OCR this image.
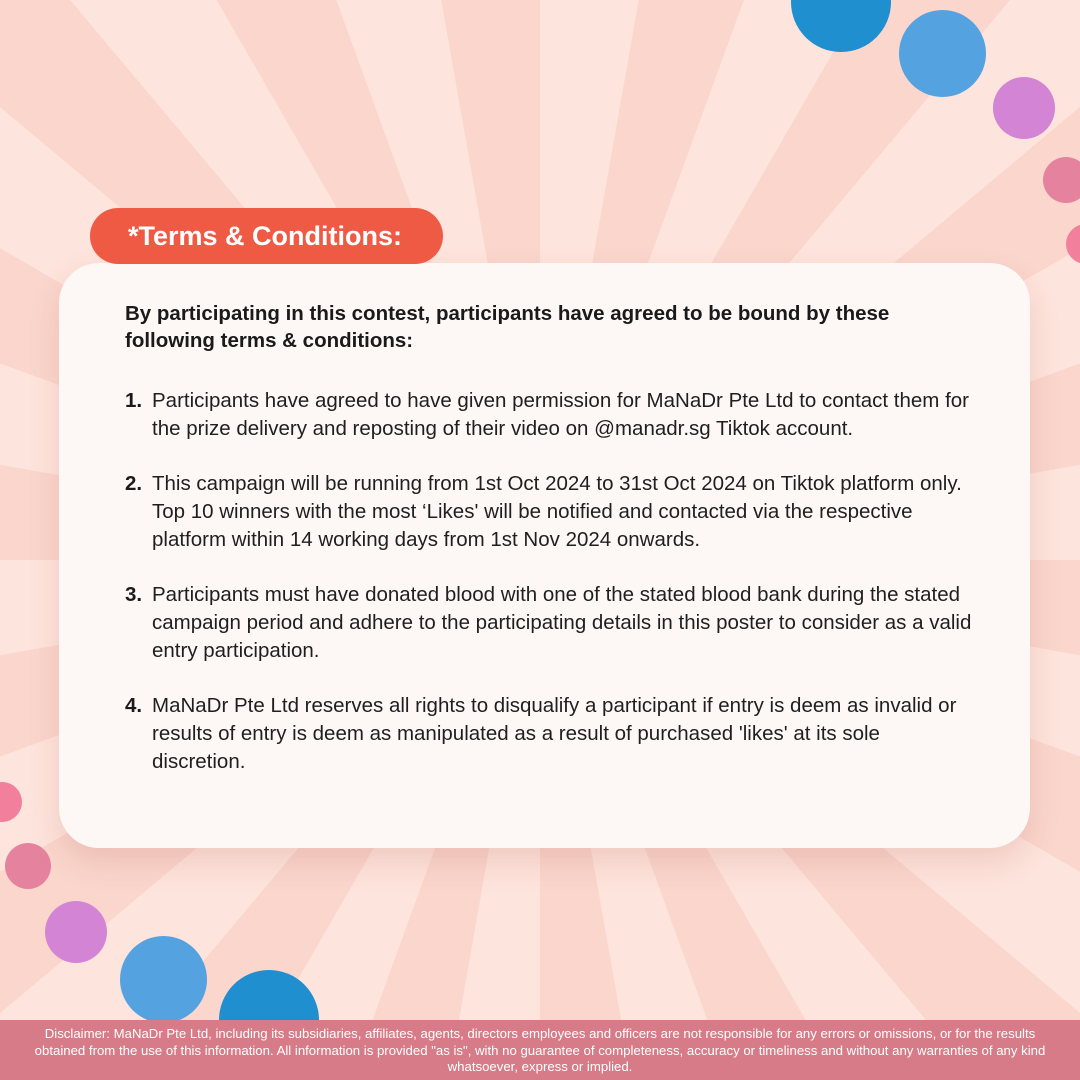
*Terms & Conditions:

By participating in this contest, participants have agreed to be bound by these following terms & conditions:

1. Participants have agreed to have given permission for MaNaDr Pte Ltd to contact them for the prize delivery and reposting of their video on @manadr.sg Tiktok account.
2. This campaign will be running from 1st Oct 2024 to 31st Oct 2024 on Tiktok platform only. Top 10 winners with the most ‘Likes' will be notified and contacted via the respective platform within 14 working days from 1st Nov 2024 onwards.
3. Participants must have donated blood with one of the stated blood bank during the stated campaign period and adhere to the participating details in this poster to consider as a valid entry participation.
4. MaNaDr Pte Ltd reserves all rights to disqualify a participant if entry is deem as invalid or results of entry is deem as manipulated as a result of purchased 'likes' at its sole discretion.
Disclaimer: MaNaDr Pte Ltd, including its subsidiaries, affiliates, agents, directors employees and officers are not responsible for any errors or omissions, or for the results obtained from the use of this information. All information is provided "as is", with no guarantee of completeness, accuracy or timeliness and without any warranties of any kind whatsoever, express or implied.
